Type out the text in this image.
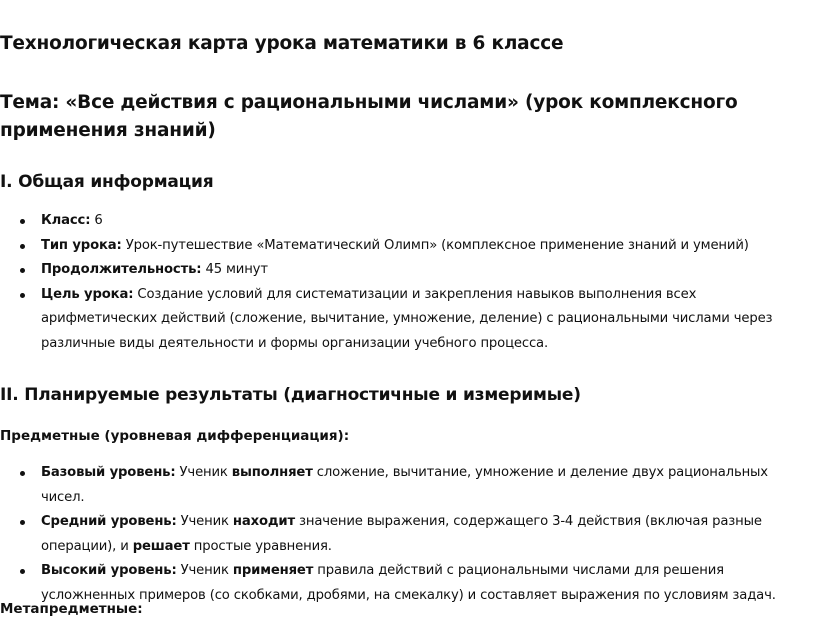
Технологическая карта урока математики в 6 классе
Тема: «Все действия с рациональными числами» (урок комплексного применения знаний)
I. Общая информация
Класс: 6
Тип урока: Урок-путешествие «Математический Олимп» (комплексное применение знаний и умений)
Продолжительность: 45 минут
Цель урока: Создание условий для систематизации и закрепления навыков выполнения всех арифметических действий (сложение, вычитание, умножение, деление) с рациональными числами через различные виды деятельности и формы организации учебного процесса.
II. Планируемые результаты (диагностичные и измеримые)
Предметные (уровневая дифференциация):
Базовый уровень: Ученик выполняет сложение, вычитание, умножение и деление двух рациональных чисел.
Средний уровень: Ученик находит значение выражения, содержащего 3-4 действия (включая разные операции), и решает простые уравнения.
Высокий уровень: Ученик применяет правила действий с рациональными числами для решения усложненных примеров (со скобками, дробями, на смекалку) и составляет выражения по условиям задач.
Метапредметные:
